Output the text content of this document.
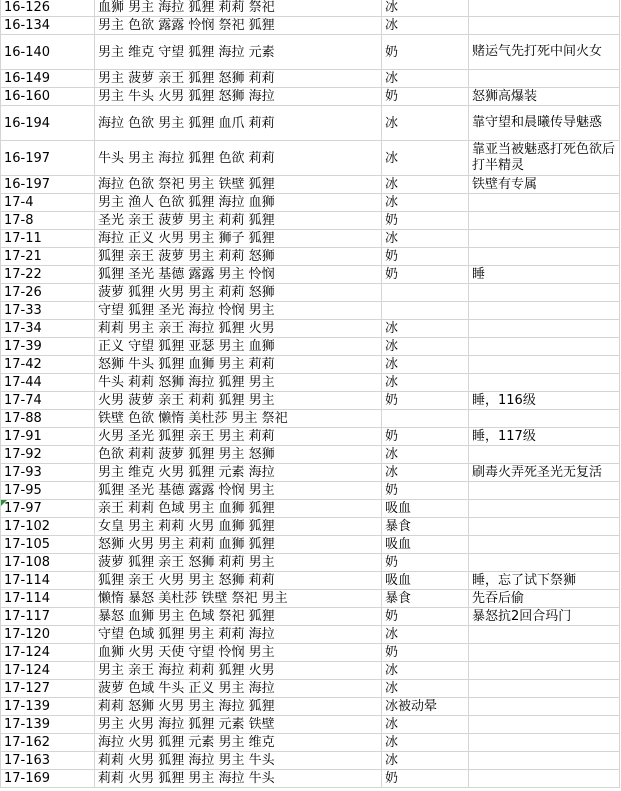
16-126	血狮 男主 海拉 狐狸 莉莉 祭祀	冰	
16-134	男主 色欲 露露 怜悯 祭祀 狐狸	冰	
16-140	男主 维克 守望 狐狸 海拉 元素	奶	赌运气先打死中间火女
16-149	男主 菠萝 亲王 狐狸 怒狮 莉莉	冰	
16-160	男主 牛头 火男 狐狸 怒狮 海拉	奶	怒狮高爆装
16-194	海拉 色欲 男主 狐狸 血爪 莉莉	冰	靠守望和晨曦传导魅惑
16-197	牛头 男主 海拉 狐狸 色欲 莉莉	冰	靠亚当被魅惑打死色欲后打半精灵
16-197	海拉 色欲 祭祀 男主 铁壁 狐狸	冰	铁壁有专属
17-4	男主 渔人 色欲 狐狸 海拉 血狮	冰	
17-8	圣光 亲王 菠萝 男主 莉莉 狐狸	奶	
17-11	海拉 正义 火男 男主 狮子 狐狸	冰	
17-21	狐狸 亲王 菠萝 男主 莉莉 怒狮	奶	
17-22	狐狸 圣光 基德 露露 男主 怜悯	奶	睡
17-26	菠萝 狐狸 火男 男主 莉莉 怒狮		
17-33	守望 狐狸 圣光 海拉 怜悯 男主		
17-34	莉莉 男主 亲王 海拉 狐狸 火男	冰	
17-39	正义 守望 狐狸 亚瑟 男主 血狮	冰	
17-42	怒狮 牛头 狐狸 血狮 男主 莉莉	冰	
17-44	牛头 莉莉 怒狮 海拉 狐狸 男主	冰	
17-74	火男 菠萝 亲王 莉莉 狐狸 男主	奶	睡，116级
17-88	铁壁 色欲 懒惰 美杜莎 男主 祭祀		
17-91	火男 圣光 狐狸 亲王 男主 莉莉	奶	睡，117级
17-92	色欲 莉莉 菠萝 狐狸 男主 怒狮	冰	
17-93	男主 维克 火男 狐狸 元素 海拉	冰	刷毒火弄死圣光无复活
17-95	狐狸 圣光 基德 露露 怜悯 男主	奶	

17-97	亲王 莉莉 色域 男主 血狮 狐狸	吸血	
17-102	女皇 男主 莉莉 火男 血狮 狐狸	暴食	
17-105	怒狮 火男 男主 莉莉 血狮 狐狸	吸血	
17-108	菠萝 狐狸 亲王 怒狮 莉莉 男主	奶	
17-114	狐狸 亲王 火男 男主 怒狮 莉莉	吸血	睡，忘了试下祭狮
17-114	懒惰 暴怒 美杜莎 铁壁 祭祀 男主	暴食	先吞后偷
17-117	暴怒 血狮 男主 色域 祭祀 狐狸	奶	暴怒抗2回合玛门
17-120	守望 色域 狐狸 男主 莉莉 海拉	冰	
17-124	血狮 火男 天使 守望 怜悯 男主	奶	
17-124	男主 亲王 海拉 莉莉 狐狸 火男	冰	
17-127	菠萝 色域 牛头 正义 男主 海拉	冰	
17-139	莉莉 怒狮 火男 男主 海拉 狐狸	冰被动晕	
17-139	男主 火男 海拉 狐狸 元素 铁壁	冰	
17-162	海拉 火男 狐狸 元素 男主 维克	冰	
17-163	莉莉 火男 狐狸 海拉 男主 牛头	冰	
17-169	莉莉 火男 狐狸 男主 海拉 牛头	奶	
